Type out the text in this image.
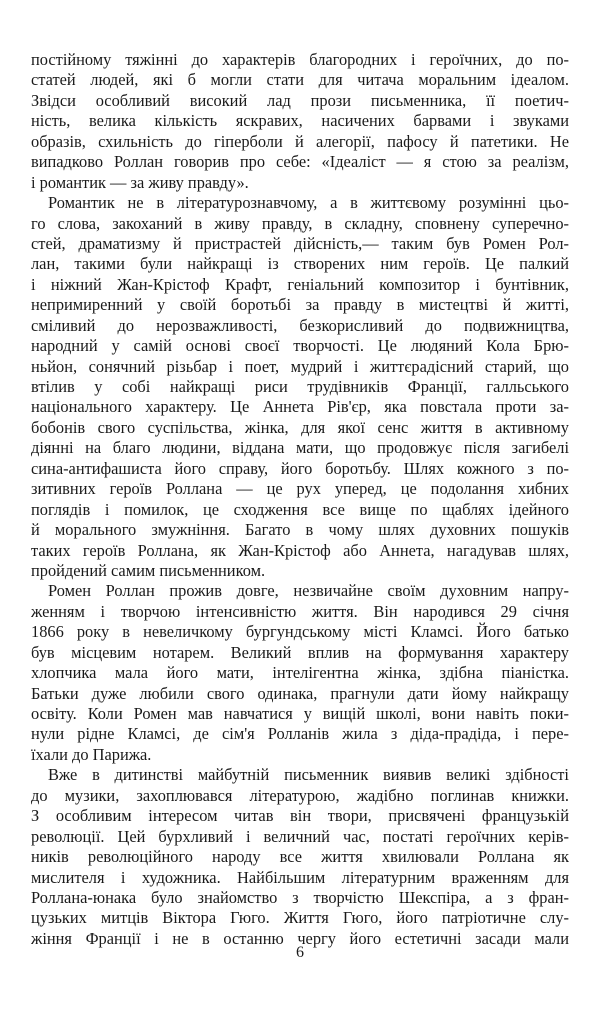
постійному тяжінні до характерів благородних і героїчних, до по-
статей людей, які б могли стати для читача моральним ідеалом.
Звідси особливий високий лад прози письменника, її поетич-
ність, велика кількість яскравих, насичених барвами і звуками
образів, схильність до гіперболи й алегорії, пафосу й патетики. Не
випадково Роллан говорив про себе: «Ідеаліст — я стою за реалізм,
і романтик — за живу правду».
Романтик не в літературознавчому, а в життєвому розумінні цьо-
го слова, закоханий в живу правду, в складну, сповнену суперечно-
стей, драматизму й пристрастей дійсність,— таким був Ромен Рол-
лан, такими були найкращі із створених ним героїв. Це палкий
і ніжний Жан-Крістоф Крафт, геніальний композитор і бунтівник,
непримиренний у своїй боротьбі за правду в мистецтві й житті,
сміливий до нерозважливості, безкорисливий до подвижництва,
народний у самій основі своєї творчості. Це людяний Кола Брю-
ньйон, сонячний різьбар і поет, мудрий і життєрадісний старий, що
втілив у собі найкращі риси трудівників Франції, галльського
національного характеру. Це Аннета Рів'єр, яка повстала проти за-
бобонів свого суспільства, жінка, для якої сенс життя в активному
діянні на благо людини, віддана мати, що продовжує після загибелі
сина-антифашиста його справу, його боротьбу. Шлях кожного з по-
зитивних героїв Роллана — це рух уперед, це подолання хибних
поглядів і помилок, це сходження все вище по щаблях ідейного
й морального змужніння. Багато в чому шлях духовних пошуків
таких героїв Роллана, як Жан-Крістоф або Аннета, нагадував шлях,
пройдений самим письменником.
Ромен Роллан прожив довге, незвичайне своїм духовним напру-
женням і творчою інтенсивністю життя. Він народився 29 січня
1866 року в невеличкому бургундському місті Кламсі. Його батько
був місцевим нотарем. Великий вплив на формування характеру
хлопчика мала його мати, інтелігентна жінка, здібна піаністка.
Батьки дуже любили свого одинака, прагнули дати йому найкращу
освіту. Коли Ромен мав навчатися у вищій школі, вони навіть поки-
нули рідне Кламсі, де сім'я Ролланів жила з діда-прадіда, і пере-
їхали до Парижа.
Вже в дитинстві майбутній письменник виявив великі здібності
до музики, захоплювався літературою, жадібно поглинав книжки.
З особливим інтересом читав він твори, присвячені французькій
революції. Цей бурхливий і величний час, постаті героїчних керів-
ників революційного народу все життя хвилювали Роллана як
мислителя і художника. Найбільшим літературним враженням для
Роллана-юнака було знайомство з творчістю Шекспіра, а з фран-
цузьких митців Віктора Гюго. Життя Гюго, його патріотичне слу-
жіння Франції і не в останню чергу його естетичні засади мали
6
